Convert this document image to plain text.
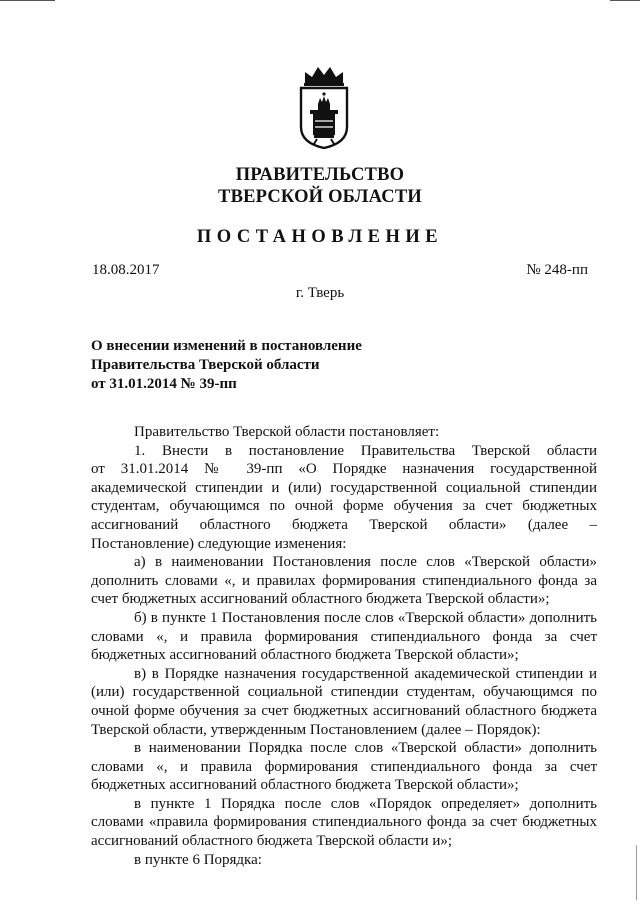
ПРАВИТЕЛЬСТВО
ТВЕРСКОЙ ОБЛАСТИ
ПОСТАНОВЛЕНИЕ
18.08.2017	№ 248-пп
г. Тверь
О внесении изменений в постановление
Правительства Тверской области
от 31.01.2014 № 39-пп
Правительство Тверской области постановляет:
1. Внести в постановление Правительства Тверской области
от 31.01.2014 № 39-пп «О Порядке назначения государственной
академической стипендии и (или) государственной социальной стипендии
студентам, обучающимся по очной форме обучения за счет бюджетных
ассигнований областного бюджета Тверской области» (далее –
Постановление) следующие изменения:
а) в наименовании Постановления после слов «Тверской области»
дополнить словами «, и правилах формирования стипендиального фонда за
счет бюджетных ассигнований областного бюджета Тверской области»;
б) в пункте 1 Постановления после слов «Тверской области» дополнить
словами «, и правила формирования стипендиального фонда за счет
бюджетных ассигнований областного бюджета Тверской области»;
в) в Порядке назначения государственной академической стипендии и
(или) государственной социальной стипендии студентам, обучающимся по
очной форме обучения за счет бюджетных ассигнований областного бюджета
Тверской области, утвержденным Постановлением (далее – Порядок):
в наименовании Порядка после слов «Тверской области» дополнить
словами «, и правила формирования стипендиального фонда за счет
бюджетных ассигнований областного бюджета Тверской области»;
в пункте 1 Порядка после слов «Порядок определяет» дополнить
словами «правила формирования стипендиального фонда за счет бюджетных
ассигнований областного бюджета Тверской области и»;
в пункте 6 Порядка:
